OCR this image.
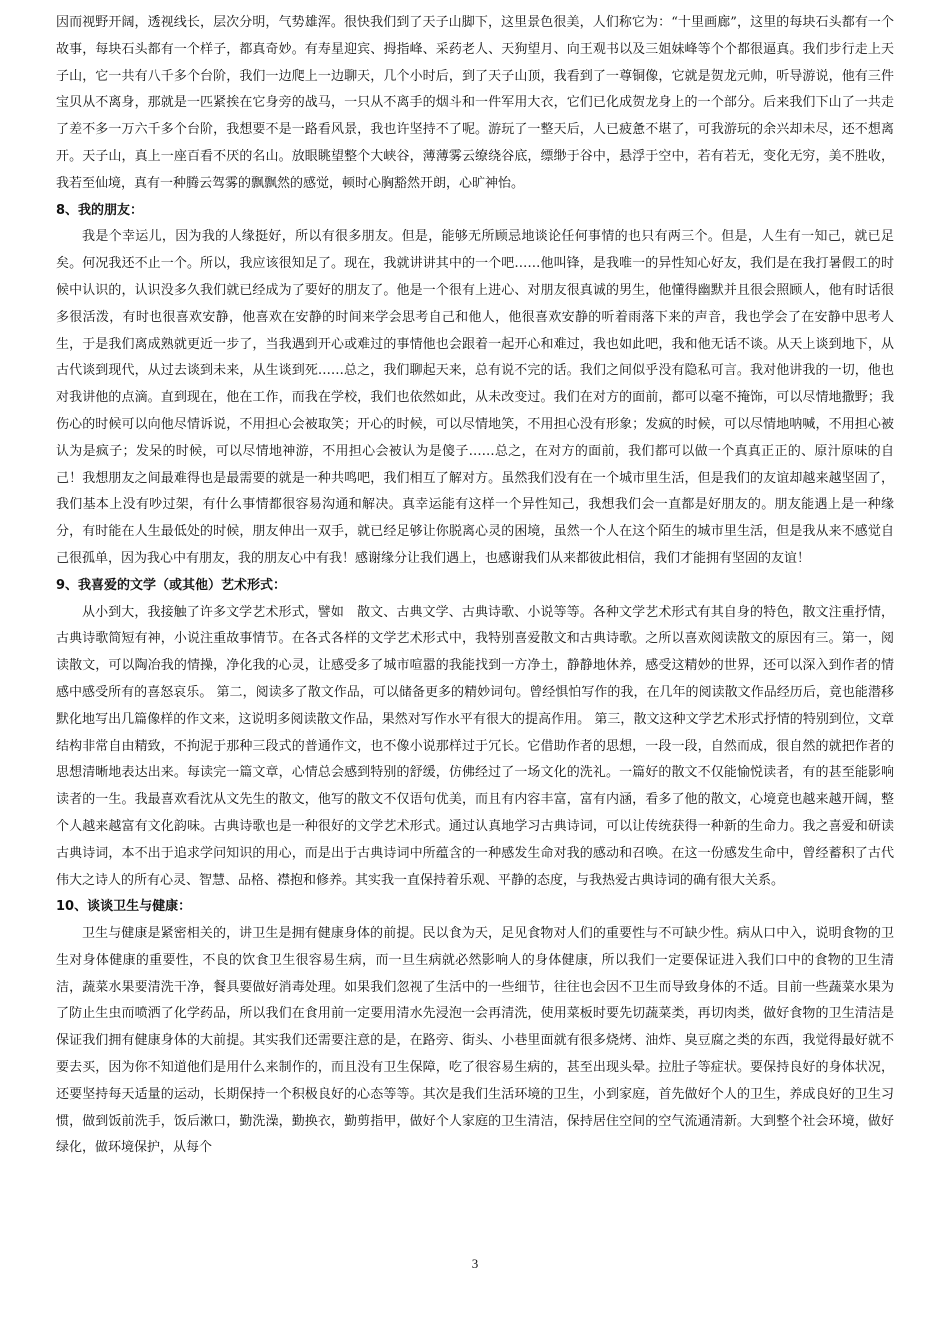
因而视野开阔，透视线长，层次分明，气势雄浑。很快我们到了天子山脚下，这里景色很美，人们称它为：“十里画廊”，这里的每块石头都有一个故事，每块石头都有一个样子，都真奇妙。有寿星迎宾、拇指峰、采药老人、天狗望月、向王观书以及三姐妹峰等个个都很逼真。我们步行走上天子山，它一共有八千多个台阶，我们一边爬上一边聊天，几个小时后，到了天子山顶，我看到了一尊铜像，它就是贺龙元帅，听导游说，他有三件宝贝从不离身，那就是一匹紧挨在它身旁的战马，一只从不离手的烟斗和一件军用大衣，它们已化成贺龙身上的一个部分。后来我们下山了一共走了差不多一万六千多个台阶，我想要不是一路看风景，我也许坚持不了呢。游玩了一整天后，人已疲惫不堪了，可我游玩的余兴却未尽，还不想离开。天子山，真上一座百看不厌的名山。放眼眺望整个大峡谷，薄薄雾云缭绕谷底，缥缈于谷中，悬浮于空中，若有若无，变化无穷，美不胜收，我若至仙境，真有一种腾云驾雾的飘飘然的感觉，顿时心胸豁然开朗，心旷神怡。

8、我的朋友：

我是个幸运儿，因为我的人缘挺好，所以有很多朋友。但是，能够无所顾忌地谈论任何事情的也只有两三个。但是，人生有一知己，就已足矣。何况我还不止一个。所以，我应该很知足了。现在，我就讲讲其中的一个吧……他叫锋，是我唯一的异性知心好友，我们是在我打暑假工的时候中认识的，认识没多久我们就已经成为了要好的朋友了。他是一个很有上进心、对朋友很真诚的男生，他懂得幽默并且很会照顾人，他有时话很多很活泼，有时也很喜欢安静，他喜欢在安静的时间来学会思考自己和他人，他很喜欢安静的听着雨落下来的声音，我也学会了在安静中思考人生，于是我们离成熟就更近一步了，当我遇到开心或难过的事情他也会跟着一起开心和难过，我也如此吧，我和他无话不谈。从天上谈到地下，从古代谈到现代，从过去谈到未来，从生谈到死……总之，我们聊起天来，总有说不完的话。我们之间似乎没有隐私可言。我对他讲我的一切，他也对我讲他的点滴。直到现在，他在工作，而我在学校，我们也依然如此，从未改变过。我们在对方的面前，都可以毫不掩饰，可以尽情地撒野；我伤心的时候可以向他尽情诉说，不用担心会被取笑；开心的时候，可以尽情地笑，不用担心没有形象；发疯的时候，可以尽情地呐喊，不用担心被认为是疯子；发呆的时候，可以尽情地神游，不用担心会被认为是傻子……总之，在对方的面前，我们都可以做一个真真正正的、原汁原味的自己！我想朋友之间最难得也是最需要的就是一种共鸣吧，我们相互了解对方。虽然我们没有在一个城市里生活，但是我们的友谊却越来越坚固了，我们基本上没有吵过架，有什么事情都很容易沟通和解决。真幸运能有这样一个异性知己，我想我们会一直都是好朋友的。朋友能遇上是一种缘分，有时能在人生最低处的时候，朋友伸出一双手，就已经足够让你脱离心灵的困境，虽然一个人在这个陌生的城市里生活，但是我从来不感觉自己很孤单，因为我心中有朋友，我的朋友心中有我！感谢缘分让我们遇上，也感谢我们从来都彼此相信，我们才能拥有坚固的友谊！

9、我喜爱的文学（或其他）艺术形式：

从小到大，我接触了许多文学艺术形式，譬如　散文、古典文学、古典诗歌、小说等等。各种文学艺术形式有其自身的特色，散文注重抒情，古典诗歌简短有神，小说注重故事情节。在各式各样的文学艺术形式中，我特别喜爱散文和古典诗歌。之所以喜欢阅读散文的原因有三。第一，阅读散文，可以陶冶我的情操，净化我的心灵，让感受多了城市喧嚣的我能找到一方净土，静静地休养，感受这精妙的世界，还可以深入到作者的情感中感受所有的喜怒哀乐。 第二，阅读多了散文作品，可以储备更多的精妙词句。曾经惧怕写作的我，在几年的阅读散文作品经历后，竟也能潜移默化地写出几篇像样的作文来，这说明多阅读散文作品，果然对写作水平有很大的提高作用。 第三，散文这种文学艺术形式抒情的特别到位，文章结构非常自由精致，不拘泥于那种三段式的普通作文，也不像小说那样过于冗长。它借助作者的思想，一段一段，自然而成，很自然的就把作者的思想清晰地表达出来。每读完一篇文章，心情总会感到特别的舒缓，仿佛经过了一场文化的洗礼。一篇好的散文不仅能愉悦读者，有的甚至能影响读者的一生。我最喜欢看沈从文先生的散文，他写的散文不仅语句优美，而且有内容丰富，富有内涵，看多了他的散文，心境竟也越来越开阔，整个人越来越富有文化韵味。古典诗歌也是一种很好的文学艺术形式。通过认真地学习古典诗词，可以让传统获得一种新的生命力。我之喜爱和研读古典诗词，本不出于追求学问知识的用心，而是出于古典诗词中所蕴含的一种感发生命对我的感动和召唤。在这一份感发生命中，曾经蓄积了古代伟大之诗人的所有心灵、智慧、品格、襟抱和修养。其实我一直保持着乐观、平静的态度，与我热爱古典诗词的确有很大关系。

10、谈谈卫生与健康：

卫生与健康是紧密相关的，讲卫生是拥有健康身体的前提。民以食为天，足见食物对人们的重要性与不可缺少性。病从口中入，说明食物的卫生对身体健康的重要性，不良的饮食卫生很容易生病，而一旦生病就必然影响人的身体健康，所以我们一定要保证进入我们口中的食物的卫生清洁，蔬菜水果要清洗干净，餐具要做好消毒处理。如果我们忽视了生活中的一些细节，往往也会因不卫生而导致身体的不适。目前一些蔬菜水果为了防止生虫而喷洒了化学药品，所以我们在食用前一定要用清水先浸泡一会再清洗，使用菜板时要先切蔬菜类，再切肉类，做好食物的卫生清洁是保证我们拥有健康身体的大前提。其实我们还需要注意的是，在路旁、街头、小巷里面就有很多烧烤、油炸、臭豆腐之类的东西，我觉得最好就不要去买，因为你不知道他们是用什么来制作的，而且没有卫生保障，吃了很容易生病的，甚至出现头晕。拉肚子等症状。要保持良好的身体状况，还要坚持每天适量的运动，长期保持一个积极良好的心态等等。其次是我们生活环境的卫生，小到家庭，首先做好个人的卫生，养成良好的卫生习惯，做到饭前洗手，饭后漱口，勤洗澡，勤换衣，勤剪指甲，做好个人家庭的卫生清洁，保持居住空间的空气流通清新。大到整个社会环境，做好绿化，做环境保护，从每个

3
